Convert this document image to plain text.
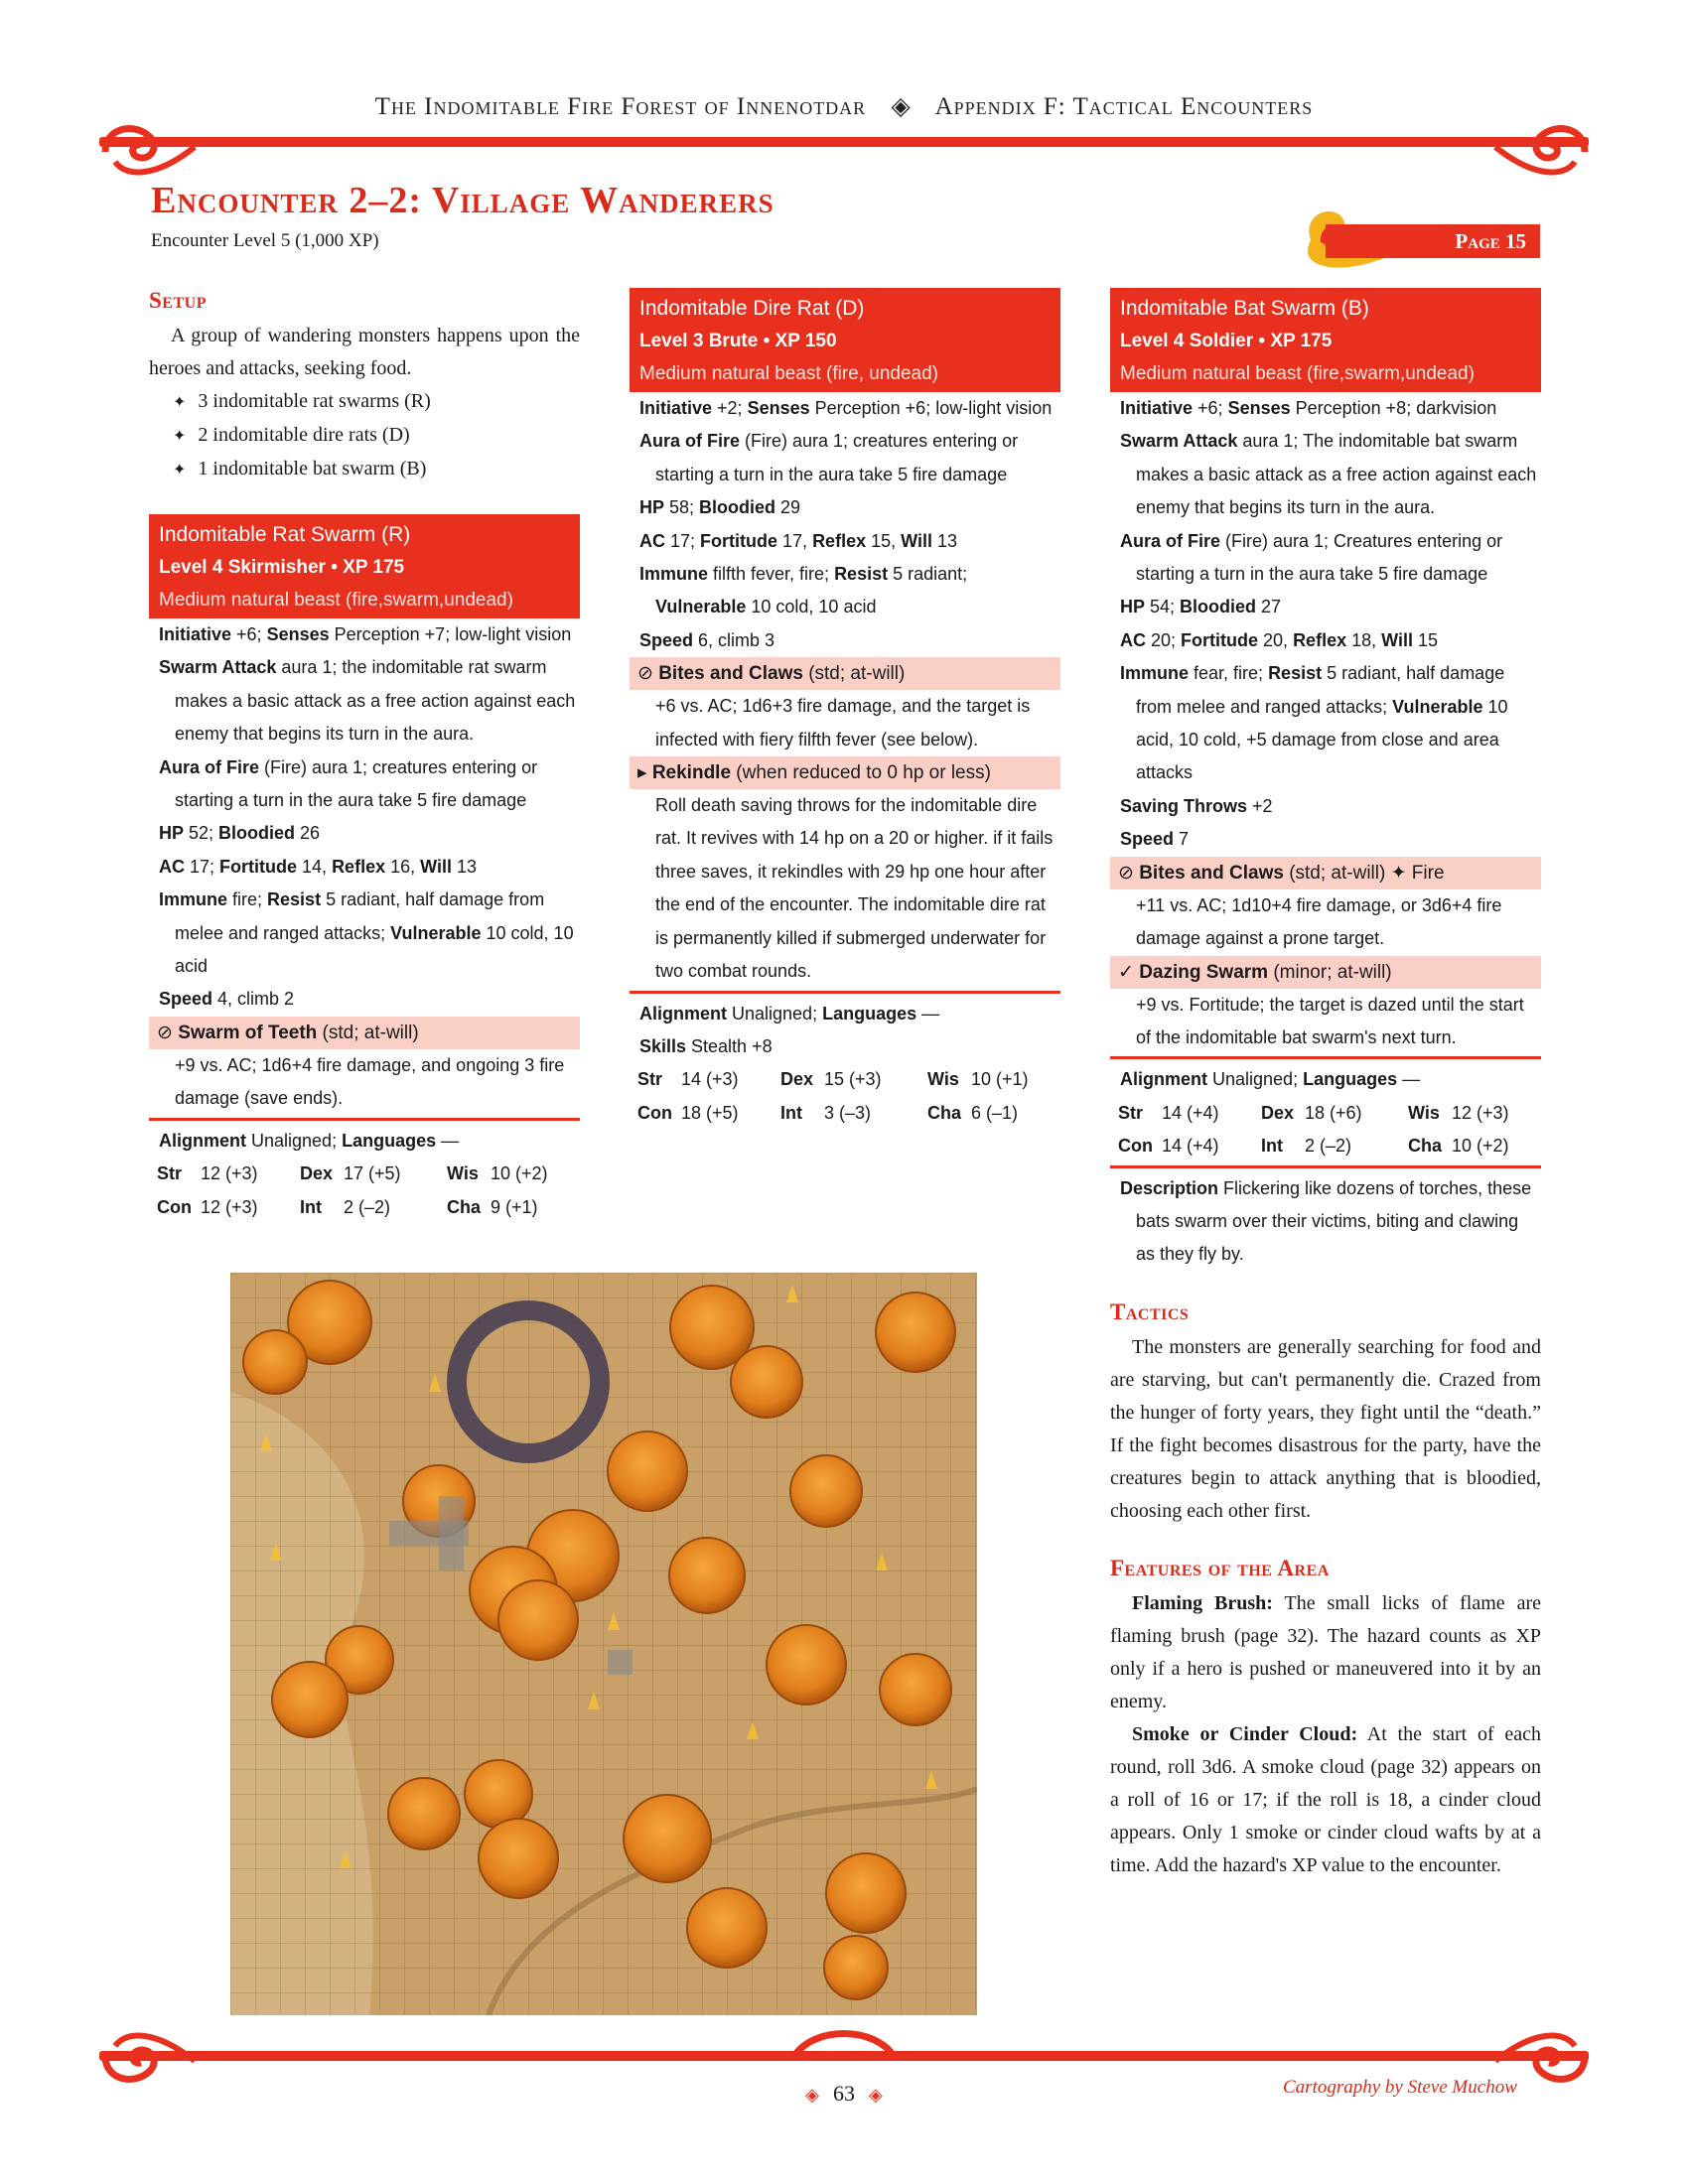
The Indomitable Fire Forest of Innenotdar ◈ Appendix F: Tactical Encounters
Encounter 2–2: Village Wanderers
Encounter Level 5 (1,000 XP)	Page 15
Setup

A group of wandering monsters happens upon the heroes and attacks, seeking food.

✦ 3 indomitable rat swarms (R)
✦ 2 indomitable dire rats (D)
✦ 1 indomitable bat swarm (B)
Indomitable Rat Swarm (R)
Level 4 Skirmisher • XP 175
Medium natural beast (fire,swarm,undead)
Initiative +6; Senses Perception +7; low-light vision
Swarm Attack aura 1; the indomitable rat swarm makes a basic attack as a free action against each enemy that begins its turn in the aura.
Aura of Fire (Fire) aura 1; creatures entering or starting a turn in the aura take 5 fire damage
HP 52; Bloodied 26
AC 17; Fortitude 14, Reflex 16, Will 13
Immune fire; Resist 5 radiant, half damage from melee and ranged attacks; Vulnerable 10 cold, 10 acid
Speed 4, climb 2
⊘ Swarm of Teeth (std; at-will)
+9 vs. AC; 1d6+4 fire damage, and ongoing 3 fire damage (save ends).
Alignment Unaligned; Languages —
Str	12 (+3)	Dex 17 (+5)	Wis 10 (+2)
Con 12 (+3)	Int	2 (–2)	Cha 9 (+1)
Indomitable Dire Rat (D)
Level 3 Brute • XP 150
Medium natural beast (fire, undead)
Initiative +2; Senses Perception +6; low-light vision
Aura of Fire (Fire) aura 1; creatures entering or starting a turn in the aura take 5 fire damage
HP 58; Bloodied 29
AC 17; Fortitude 17, Reflex 15, Will 13
Immune filfth fever, fire; Resist 5 radiant; Vulnerable 10 cold, 10 acid
Speed 6, climb 3
⊘ Bites and Claws (std; at-will)
+6 vs. AC; 1d6+3 fire damage, and the target is infected with fiery filfth fever (see below).
▸ Rekindle (when reduced to 0 hp or less)
Roll death saving throws for the indomitable dire rat. It revives with 14 hp on a 20 or higher. if it fails three saves, it rekindles with 29 hp one hour after the end of the encounter. The indomitable dire rat is permanently killed if submerged underwater for two combat rounds.
Alignment Unaligned; Languages —
Skills Stealth +8
Str	14 (+3)	Dex 15 (+3)	Wis 10 (+1)
Con 18 (+5)	Int	3 (–3)	Cha 6 (–1)
Indomitable Bat Swarm (B)
Level 4 Soldier • XP 175
Medium natural beast (fire,swarm,undead)
Initiative +6; Senses Perception +8; darkvision
Swarm Attack aura 1; The indomitable bat swarm makes a basic attack as a free action against each enemy that begins its turn in the aura.
Aura of Fire (Fire) aura 1; Creatures entering or starting a turn in the aura take 5 fire damage
HP 54; Bloodied 27
AC 20; Fortitude 20, Reflex 18, Will 15
Immune fear, fire; Resist 5 radiant, half damage from melee and ranged attacks; Vulnerable 10 acid, 10 cold, +5 damage from close and area attacks
Saving Throws +2
Speed 7
⊘ Bites and Claws (std; at-will) ✦ Fire
+11 vs. AC; 1d10+4 fire damage, or 3d6+4 fire damage against a prone target.
✓ Dazing Swarm (minor; at-will)
+9 vs. Fortitude; the target is dazed until the start of the indomitable bat swarm's next turn.
Alignment Unaligned; Languages —
Str	14 (+4)	Dex 18 (+6)	Wis 12 (+3)
Con 14 (+4)	Int	2 (–2)	Cha 10 (+2)
Description Flickering like dozens of torches, these bats swarm over their victims, biting and clawing as they fly by.
Tactics

The monsters are generally searching for food and are starving, but can't permanently die. Crazed from the hunger of forty years, they fight until the “death.” If the fight becomes disastrous for the party, have the creatures begin to attack anything that is bloodied, choosing each other first.

Features of the Area

Flaming Brush: The small licks of flame are flaming brush (page 32). The hazard counts as XP only if a hero is pushed or maneuvered into it by an enemy.

Smoke or Cinder Cloud: At the start of each round, roll 3d6. A smoke cloud (page 32) appears on a roll of 16 or 17; if the roll is 18, a cinder cloud appears. Only 1 smoke or cinder cloud wafts by at a time. Add the hazard's XP value to the encounter.

◈ 63 ◈	Cartography by Steve Muchow
